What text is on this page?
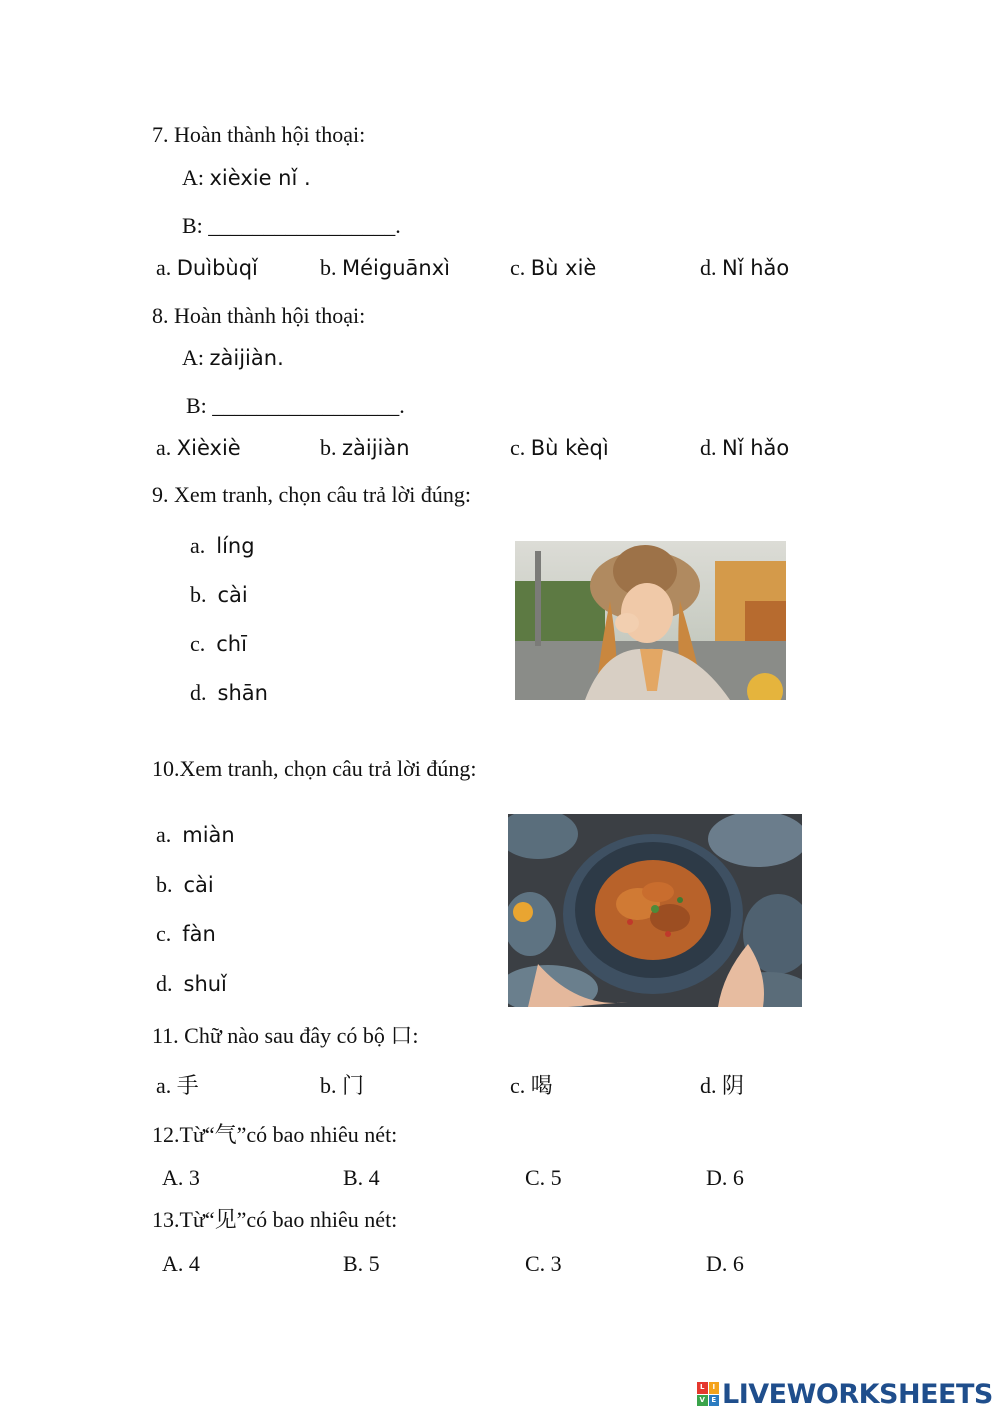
7. Hoàn thành hội thoại:
A: xièxie nǐ .
B: _________________.
a. Duìbùqǐ	b. Méiguānxì	c. Bù xiè	d. Nǐ hǎo
8. Hoàn thành hội thoại:
A: zàijiàn.
B: _________________.
a. Xièxiè	b. zàijiàn	c. Bù kèqì	d. Nǐ hǎo
9. Xem tranh, chọn câu trả lời đúng:
a. líng
b. cài
c. chī
d. shān
10.Xem tranh, chọn câu trả lời đúng:
a. miàn
b. cài
c. fàn
d. shuǐ
11. Chữ nào sau đây có bộ 口:
a. 手	b. 门	c. 喝	d. 阴
12.Từ“气”có bao nhiêu nét:
A. 3	B. 4	C. 5	D. 6
13.Từ“见”có bao nhiêu nét:
A. 4	B. 5	C. 3	D. 6
L	I
V E LIVEWORKSHEETS
